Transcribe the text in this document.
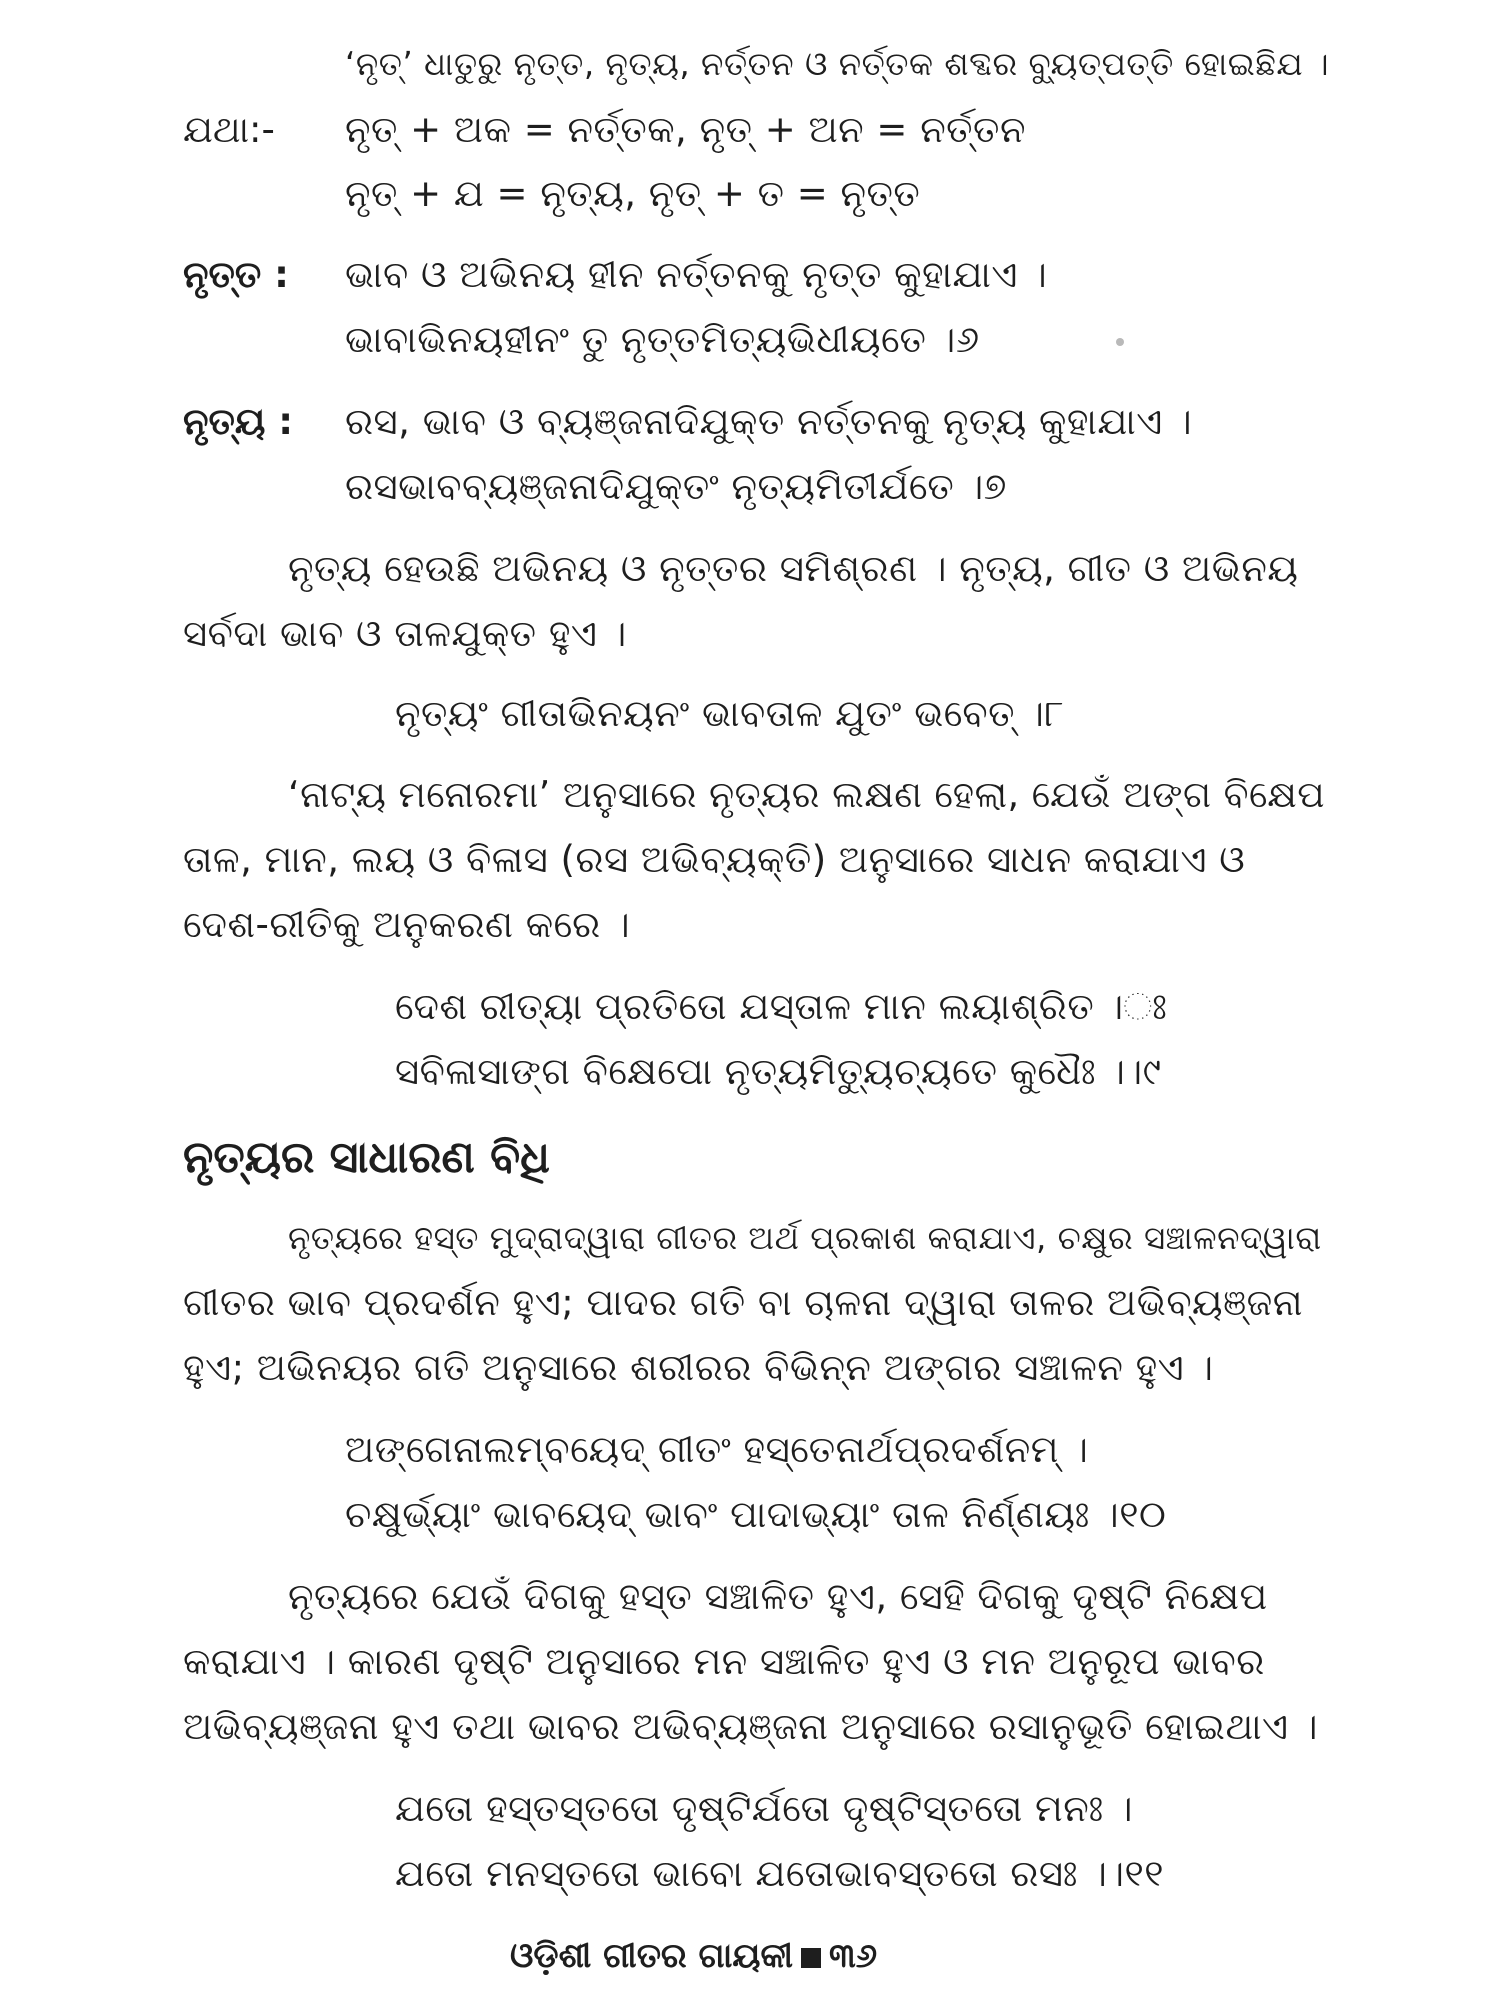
‘ନୃତ୍’ ଧାତୁରୁ ନୃତ୍ତ, ନୃତ୍ୟ, ନର୍ତ୍ତନ ଓ ନର୍ତ୍ତକ ଶବ୍ଦର ବ୍ୟୁତ୍ପତ୍ତି ହୋଇଛିଯ ।
ଯଥା:- ନୃତ୍ + ଅକ = ନର୍ତ୍ତକ, ନୃତ୍ + ଅନ = ନର୍ତ୍ତନ
ନୃତ୍ + ଯ = ନୃତ୍ୟ, ନୃତ୍ + ତ = ନୃତ୍ତ
ନୃତ୍ତ : ଭାବ ଓ ଅଭିନୟ ହୀନ ନର୍ତ୍ତନକୁ ନୃତ୍ତ କୁହାଯାଏ ।
ଭାବାଭିନୟହୀନଂ ତୁ ନୃତ୍ତମିତ୍ୟଭିଧୀୟତେ ।୬
ନୃତ୍ୟ : ରସ, ଭାବ ଓ ବ୍ୟଞ୍ଜନାଦିଯୁକ୍ତ ନର୍ତ୍ତନକୁ ନୃତ୍ୟ କୁହାଯାଏ ।
ରସଭାବବ୍ୟଞ୍ଜନାଦିଯୁକ୍ତଂ ନୃତ୍ୟମିତୀର୍ଯତେ ।୭
ନୃତ୍ୟ ହେଉଛି ଅଭିନୟ ଓ ନୃତ୍ତର ସମିଶ୍ରଣ । ନୃତ୍ୟ, ଗୀତ ଓ ଅଭିନୟ
ସର୍ବଦା ଭାବ ଓ ତାଳଯୁକ୍ତ ହୁଏ ।
ନୃତ୍ୟଂ ଗୀତାଭିନୟନଂ ଭାବତାଳ ଯୁତଂ ଭବେତ୍ ।୮
‘ନାଟ୍ୟ ମନୋରମା’ ଅନୁସାରେ ନୃତ୍ୟର ଲକ୍ଷଣ ହେଲା, ଯେଉଁ ଅଙ୍ଗ ବିକ୍ଷେପ
ତାଳ, ମାନ, ଲୟ ଓ ବିଳାସ (ରସ ଅଭିବ୍ୟକ୍ତି) ଅନୁସାରେ ସାଧନ କରାଯାଏ ଓ
ଦେଶ-ରୀତିକୁ ଅନୁକରଣ କରେ ।
ଦେଶ ରୀତ୍ୟା ପ୍ରତିତୋ ଯସ୍ତାଳ ମାନ ଲୟାଶ୍ରିତ ।ଃ
ସବିଳାସାଙ୍ଗ ବିକ୍ଷେପୋ ନୃତ୍ୟମିତ୍ୟୁଚ୍ୟତେ କୁଧୈଃ ।।୯
ନୃତ୍ୟର ସାଧାରଣ ବିଧି
ନୃତ୍ୟରେ ହସ୍ତ ମୁଦ୍ରାଦ୍ୱାରା ଗୀତର ଅର୍ଥ ପ୍ରକାଶ କରାଯାଏ, ଚକ୍ଷୁର ସଞ୍ଚାଳନଦ୍ୱାରା
ଗୀତର ଭାବ ପ୍ରଦର୍ଶନ ହୁଏ; ପାଦର ଗତି ବା ଚାଳନା ଦ୍ୱାରା ତାଳର ଅଭିବ୍ୟଞ୍ଜନା
ହୁଏ; ଅଭିନୟର ଗତି ଅନୁସାରେ ଶରୀରର ବିଭିନ୍ନ ଅଙ୍ଗର ସଞ୍ଚାଳନ ହୁଏ ।
ଅଙ୍ଗେନାଲମ୍ବୟେଦ୍ ଗୀତଂ ହସ୍ତେନାର୍ଥପ୍ରଦର୍ଶନମ୍ ।
ଚକ୍ଷୁର୍ଭ୍ୟାଂ ଭାବୟେଦ୍ ଭାବଂ ପାଦାଭ୍ୟାଂ ତାଳ ନିର୍ଣ୍ଣୟଃ ।୧୦
ନୃତ୍ୟରେ ଯେଉଁ ଦିଗକୁ ହସ୍ତ ସଞ୍ଚାଳିତ ହୁଏ, ସେହି ଦିଗକୁ ଦୃଷ୍ଟି ନିକ୍ଷେପ
କରାଯାଏ । କାରଣ ଦୃଷ୍ଟି ଅନୁସାରେ ମନ ସଞ୍ଚାଳିତ ହୁଏ ଓ ମନ ଅନୁରୂପ ଭାବର
ଅଭିବ୍ୟଞ୍ଜନା ହୁଏ ତଥା ଭାବର ଅଭିବ୍ୟଞ୍ଜନା ଅନୁସାରେ ରସାନୁଭୂତି ହୋଇଥାଏ ।
ଯତୋ ହସ୍ତସ୍ତତୋ ଦୃଷ୍ଟିର୍ଯତୋ ଦୃଷ୍ଟିସ୍ତତୋ ମନଃ ।
ଯତୋ ମନସ୍ତତୋ ଭାବୋ ଯତୋଭାବସ୍ତତୋ ରସଃ ।।୧୧
ଓଡ଼ିଶୀ ଗୀତର ଗାୟକୀ ୩୬
